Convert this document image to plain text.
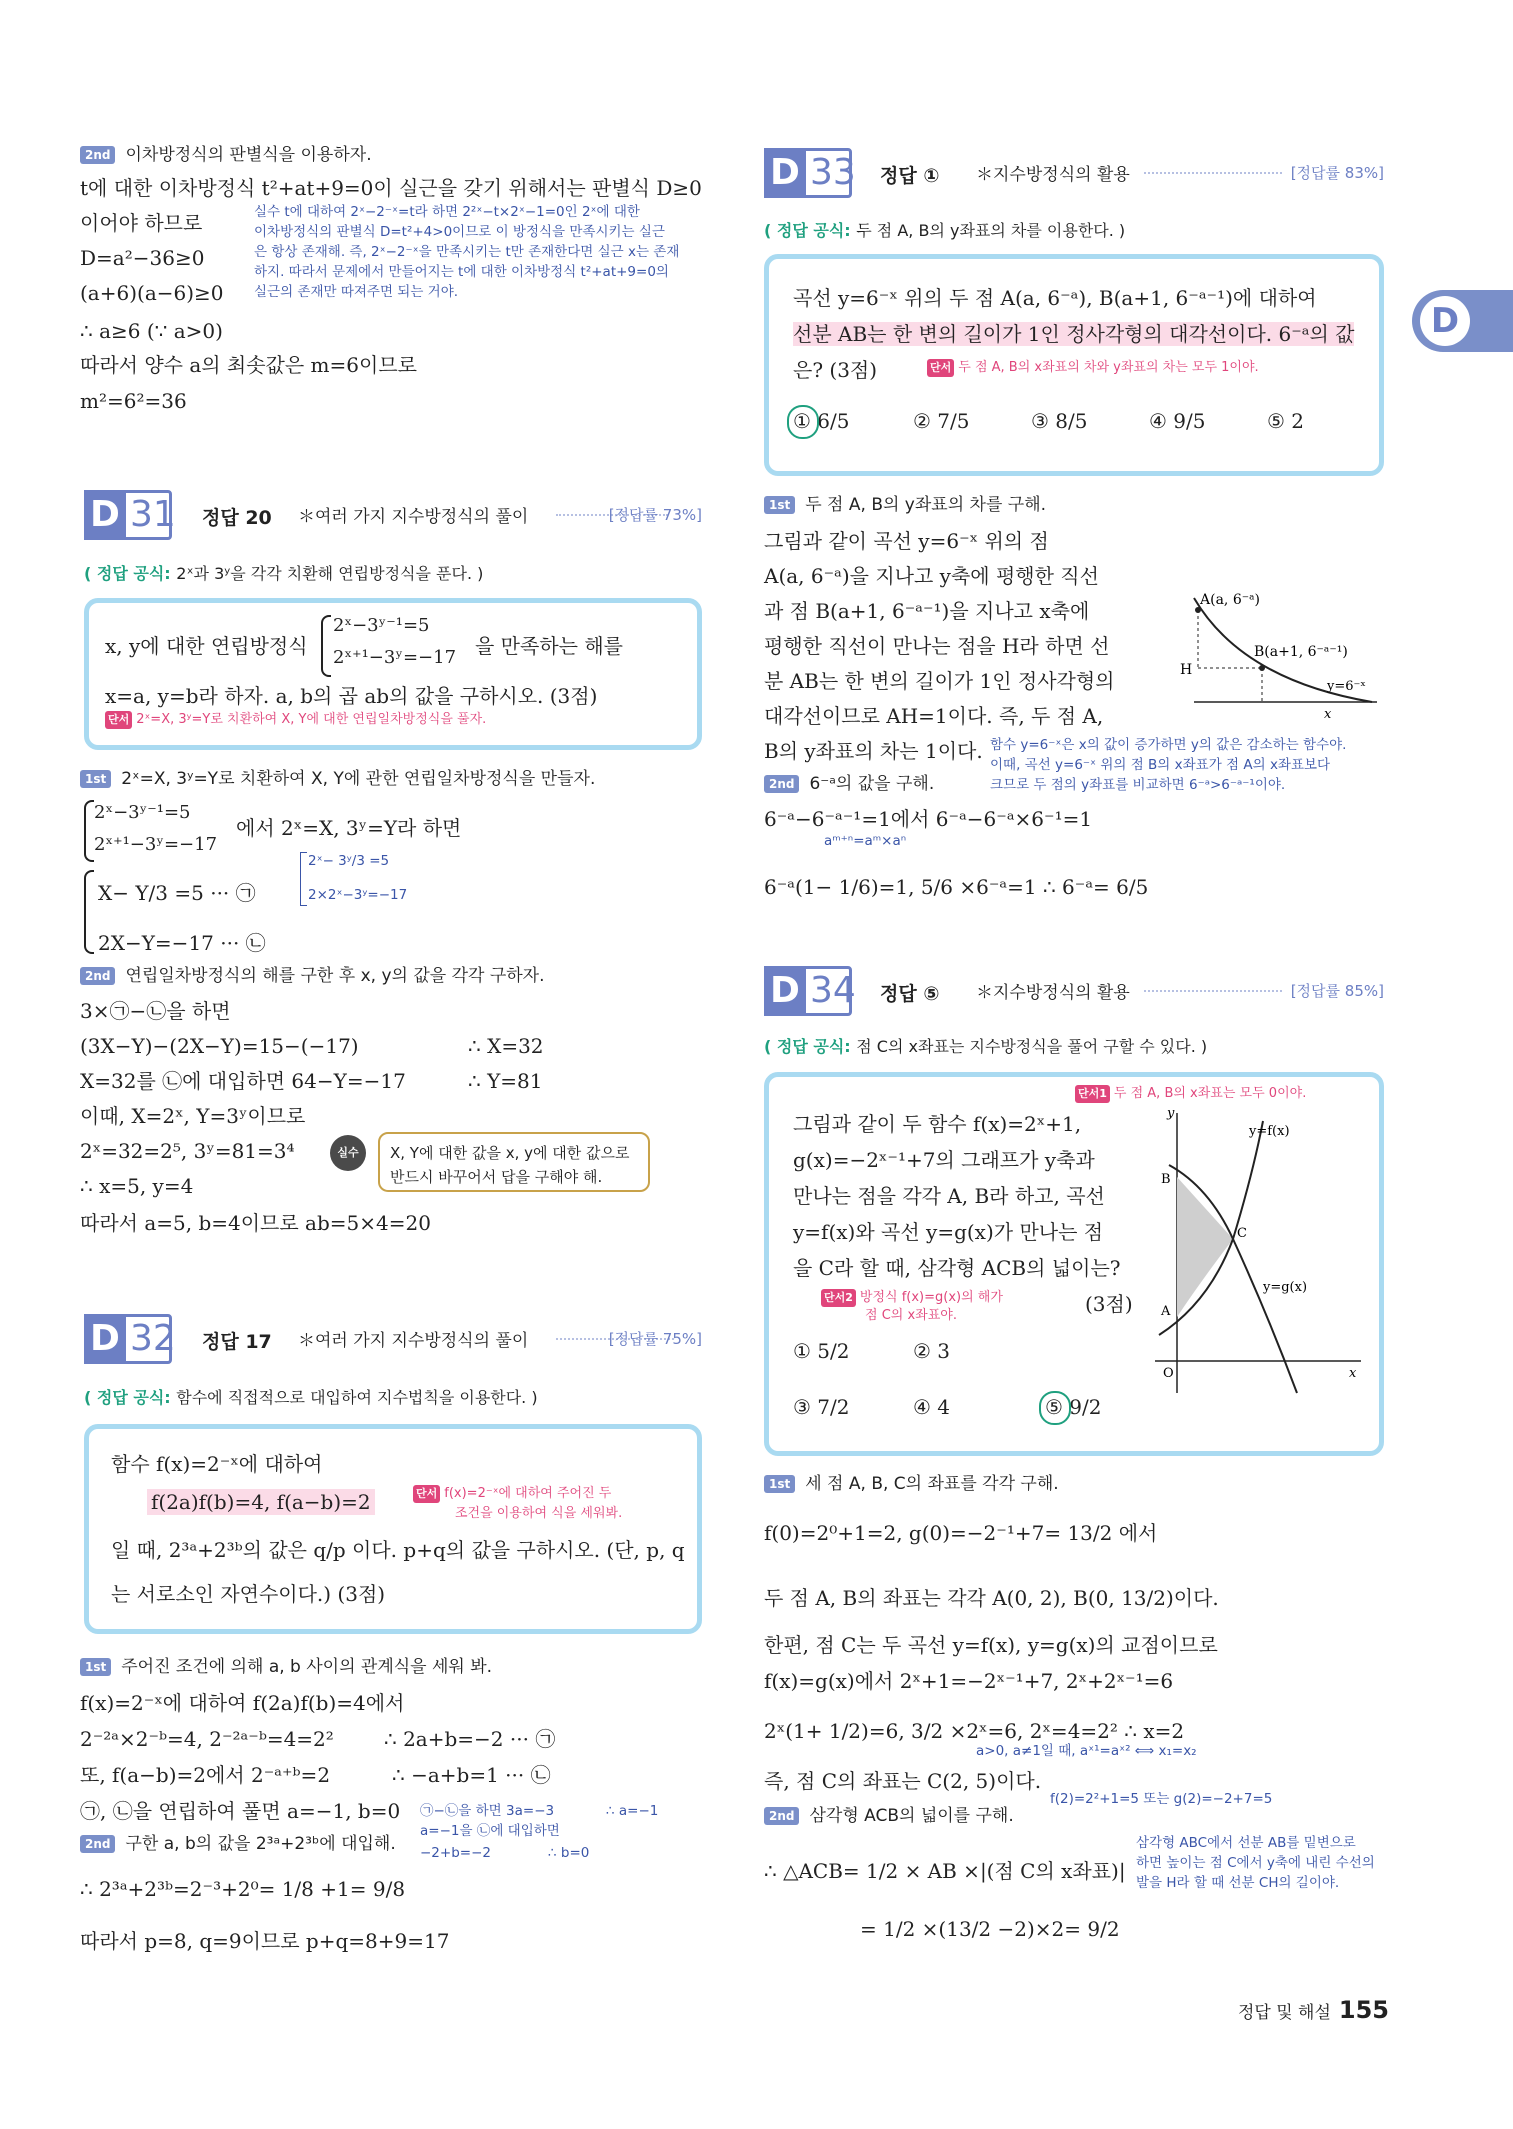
2nd 이차방정식의 판별식을 이용하자.
t에 대한 이차방정식 t²+at+9=0이 실근을 갖기 위해서는 판별식 D≥0
이어야 하므로
D=a²−36≥0
(a+6)(a−6)≥0
∴ a≥6 (∵ a>0)
따라서 양수 a의 최솟값은 m=6이므로
m²=6²=36
실수 t에 대하여 2ˣ−2⁻ˣ=t라 하면 2²ˣ−t×2ˣ−1=0인 2ˣ에 대한
이차방정식의 판별식 D=t²+4>0이므로 이 방정식을 만족시키는 실근
은 항상 존재해. 즉, 2ˣ−2⁻ˣ을 만족시키는 t만 존재한다면 실근 x는 존재
하지. 따라서 문제에서 만들어지는 t에 대한 이차방정식 t²+at+9=0의
실근의 존재만 따져주면 되는 거야.
D 31 정답 20 ＊여러 가지 지수방정식의 풀이	[정답률 73%]
( 정답 공식: 2ˣ과 3ʸ을 각각 치환해 연립방정식을 푼다. )
x, y에 대한 연립방정식
2ˣ−3ʸ⁻¹=5
2ˣ⁺¹−3ʸ=−17 을 만족하는 해를
x=a, y=b라 하자. a, b의 곱 ab의 값을 구하시오. (3점)
단서 2ˣ=X, 3ʸ=Y로 치환하여 X, Y에 대한 연립일차방정식을 풀자.
1st 2ˣ=X, 3ʸ=Y로 치환하여 X, Y에 관한 연립일차방정식을 만들자.
2ˣ−3ʸ⁻¹=5
2ˣ⁺¹−3ʸ=−17
에서 2ˣ=X, 3ʸ=Y라 하면
X− Y/3 =5 ··· ㉠
2X−Y=−17 ··· ㉡
2ˣ− 3ʸ/3 =5
2×2ˣ−3ʸ=−17
2nd 연립일차방정식의 해를 구한 후 x, y의 값을 각각 구하자.
3×㉠−㉡을 하면
(3X−Y)−(2X−Y)=15−(−17)	∴ X=32
X=32를 ㉡에 대입하면 64−Y=−17	∴ Y=81
이때, X=2ˣ, Y=3ʸ이므로
2ˣ=32=2⁵, 3ʸ=81=3⁴
∴ x=5, y=4
따라서 a=5, b=4이므로 ab=5×4=20
실수	X, Y에 대한 값을 x, y에 대한 값으로
반드시 바꾸어서 답을 구해야 해.
D 32 정답 17 ＊여러 가지 지수방정식의 풀이	[정답률 75%]
( 정답 공식: 함수에 직접적으로 대입하여 지수법칙을 이용한다. )
함수 f(x)=2⁻ˣ에 대하여
f(2a)f(b)=4, f(a−b)=2	단서 f(x)=2⁻ˣ에 대하여 주어진 두
조건을 이용하여 식을 세워봐.
일 때, 2³ᵃ+2³ᵇ의 값은 q/p 이다. p+q의 값을 구하시오. (단, p, q
는 서로소인 자연수이다.) (3점)
1st 주어진 조건에 의해 a, b 사이의 관계식을 세워 봐.
f(x)=2⁻ˣ에 대하여 f(2a)f(b)=4에서
2⁻²ᵃ×2⁻ᵇ=4, 2⁻²ᵃ⁻ᵇ=4=2²	∴ 2a+b=−2 ··· ㉠
또, f(a−b)=2에서 2⁻ᵃ⁺ᵇ=2	∴ −a+b=1 ··· ㉡
㉠, ㉡을 연립하여 풀면 a=−1, b=0 ㉠−㉡을 하면 3a=−3	∴ a=−1
2nd 구한 a, b의 값을 2³ᵃ+2³ᵇ에 대입해.
a=−1을 ㉡에 대입하면
−2+b=−2	∴ b=0
∴ 2³ᵃ+2³ᵇ=2⁻³+2⁰= 1/8 +1= 9/8
따라서 p=8, q=9이므로 p+q=8+9=17
D 33 정답 ① ＊지수방정식의 활용	[정답률 83%]
( 정답 공식: 두 점 A, B의 y좌표의 차를 이용한다. )
곡선 y=6⁻ˣ 위의 두 점 A(a, 6⁻ᵃ), B(a+1, 6⁻ᵃ⁻¹)에 대하여
선분 AB는 한 변의 길이가 1인 정사각형의 대각선이다. 6⁻ᵃ의 값
은? (3점)	단서 두 점 A, B의 x좌표의 차와 y좌표의 차는 모두 1이야.
① 6/5	② 7/5	③ 8/5	④ 9/5	⑤ 2
1st 두 점 A, B의 y좌표의 차를 구해.
그림과 같이 곡선 y=6⁻ˣ 위의 점
A(a, 6⁻ᵃ)을 지나고 y축에 평행한 직선
과 점 B(a+1, 6⁻ᵃ⁻¹)을 지나고 x축에
평행한 직선이 만나는 점을 H라 하면 선
분 AB는 한 변의 길이가 1인 정사각형의
대각선이므로 AH=1이다. 즉, 두 점 A,
B의 y좌표의 차는 1이다.
A(a, 6⁻ᵃ)
B(a+1, 6⁻ᵃ⁻¹)
H
y=6⁻ˣ
x
함수 y=6⁻ˣ은 x의 값이 증가하면 y의 값은 감소하는 함수야.
이때, 곡선 y=6⁻ˣ 위의 점 B의 x좌표가 점 A의 x좌표보다
크므로 두 점의 y좌표를 비교하면 6⁻ᵃ>6⁻ᵃ⁻¹이야.
2nd 6⁻ᵃ의 값을 구해.
6⁻ᵃ−6⁻ᵃ⁻¹=1에서 6⁻ᵃ−6⁻ᵃ×6⁻¹=1
aᵐ⁺ⁿ=aᵐ×aⁿ
6⁻ᵃ(1− 1/6)=1, 5/6 ×6⁻ᵃ=1 ∴ 6⁻ᵃ= 6/5
D 34 정답 ⑤ ＊지수방정식의 활용	[정답률 85%]
( 정답 공식: 점 C의 x좌표는 지수방정식을 풀어 구할 수 있다. )
단서1 두 점 A, B의 x좌표는 모두 0이야.
그림과 같이 두 함수 f(x)=2ˣ+1,
g(x)=−2ˣ⁻¹+7의 그래프가 y축과
만나는 점을 각각 A, B라 하고, 곡선
y=f(x)와 곡선 y=g(x)가 만나는 점
을 C라 할 때, 삼각형 ACB의 넓이는?
단서2 방정식 f(x)=g(x)의 해가
점 C의 x좌표야.	(3점)
① 5/2	② 3
③ 7/2	④ 4	⑤ 9/2
y=f(x)
y=g(x)
B
A
C
O	x
y
1st 세 점 A, B, C의 좌표를 각각 구해.
f(0)=2⁰+1=2, g(0)=−2⁻¹+7= 13/2 에서
두 점 A, B의 좌표는 각각 A(0, 2), B(0, 13/2)이다.
한편, 점 C는 두 곡선 y=f(x), y=g(x)의 교점이므로
f(x)=g(x)에서 2ˣ+1=−2ˣ⁻¹+7, 2ˣ+2ˣ⁻¹=6
2ˣ(1+ 1/2)=6, 3/2 ×2ˣ=6, 2ˣ=4=2² ∴ x=2
a>0, a≠1일 때, aˣ¹=aˣ² ⟺ x₁=x₂
즉, 점 C의 좌표는 C(2, 5)이다.
f(2)=2²+1=5 또는 g(2)=−2+7=5
2nd 삼각형 ACB의 넓이를 구해.
∴ △ACB= 1/2 × AB ×|(점 C의 x좌표)|
삼각형 ABC에서 선분 AB를 밑변으로
하면 높이는 점 C에서 y축에 내린 수선의
발을 H라 할 때 선분 CH의 길이야.
= 1/2 ×(13/2 −2)×2= 9/2
D
정답 및 해설 155
